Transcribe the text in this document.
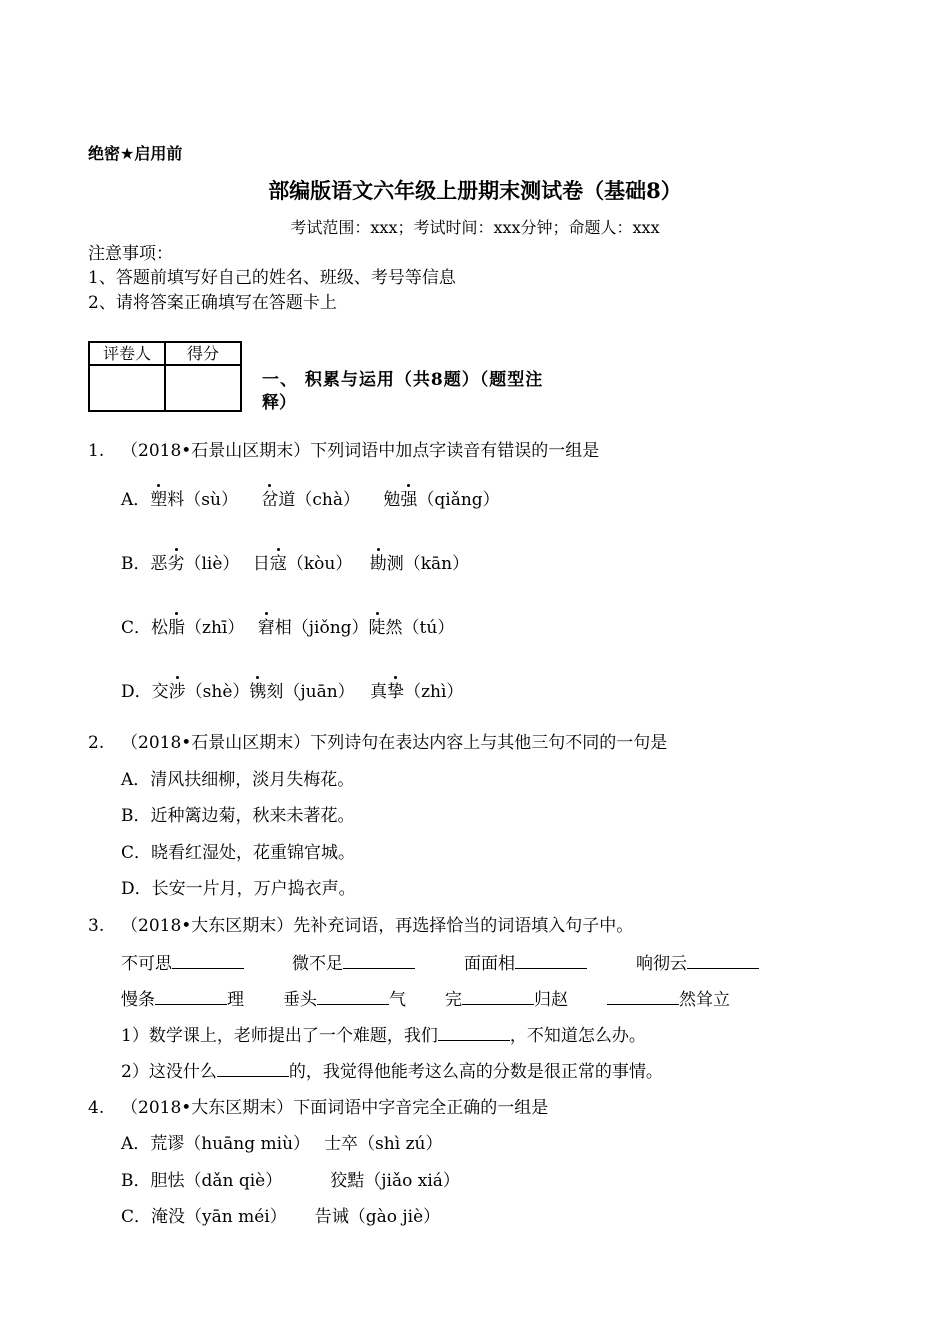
绝密★启用前
部编版语文六年级上册期末测试卷（基础8）
考试范围：xxx；考试时间：xxx分钟；命题人：xxx
注意事项：
1、答题前填写好自己的姓名、班级、考号等信息
2、请将答案正确填写在答题卡上
评卷人	得分

一、 积累与运用（共8题）（题型注
释）
1. （2018•石景山区期末）下列词语中加点字读音有错误的一组是
A．塑料（sù） 岔道（chà） 勉强（qiǎng）
B．恶劣（liè） 日寇（kòu） 勘测（kān）
C．松脂（zhī） 窘相（jiǒng）陡然（tú）
D．交涉（shè）镌刻（juān） 真挚（zhì）
2. （2018•石景山区期末）下列诗句在表达内容上与其他三句不同的一句是
A．清风扶细柳，淡月失梅花。
B．近种篱边菊，秋来未著花。
C．晓看红湿处，花重锦官城。
D．长安一片月，万户捣衣声。
3. （2018•大东区期末）先补充词语，再选择恰当的词语填入句子中。
不可思	微不足	面面相	响彻云
慢条	理 垂头	气 完	归赵	然耸立
1）数学课上，老师提出了一个难题，我们	，不知道怎么办。
2）这没什么	的，我觉得他能考这么高的分数是很正常的事情。
4. （2018•大东区期末）下面词语中字音完全正确的一组是
A．荒谬（huāng miù） 士卒（shì zú）
B．胆怯（dǎn qiè）	狡黠（jiǎo xiá）
C．淹没（yān méi） 告诫（gào jiè）
